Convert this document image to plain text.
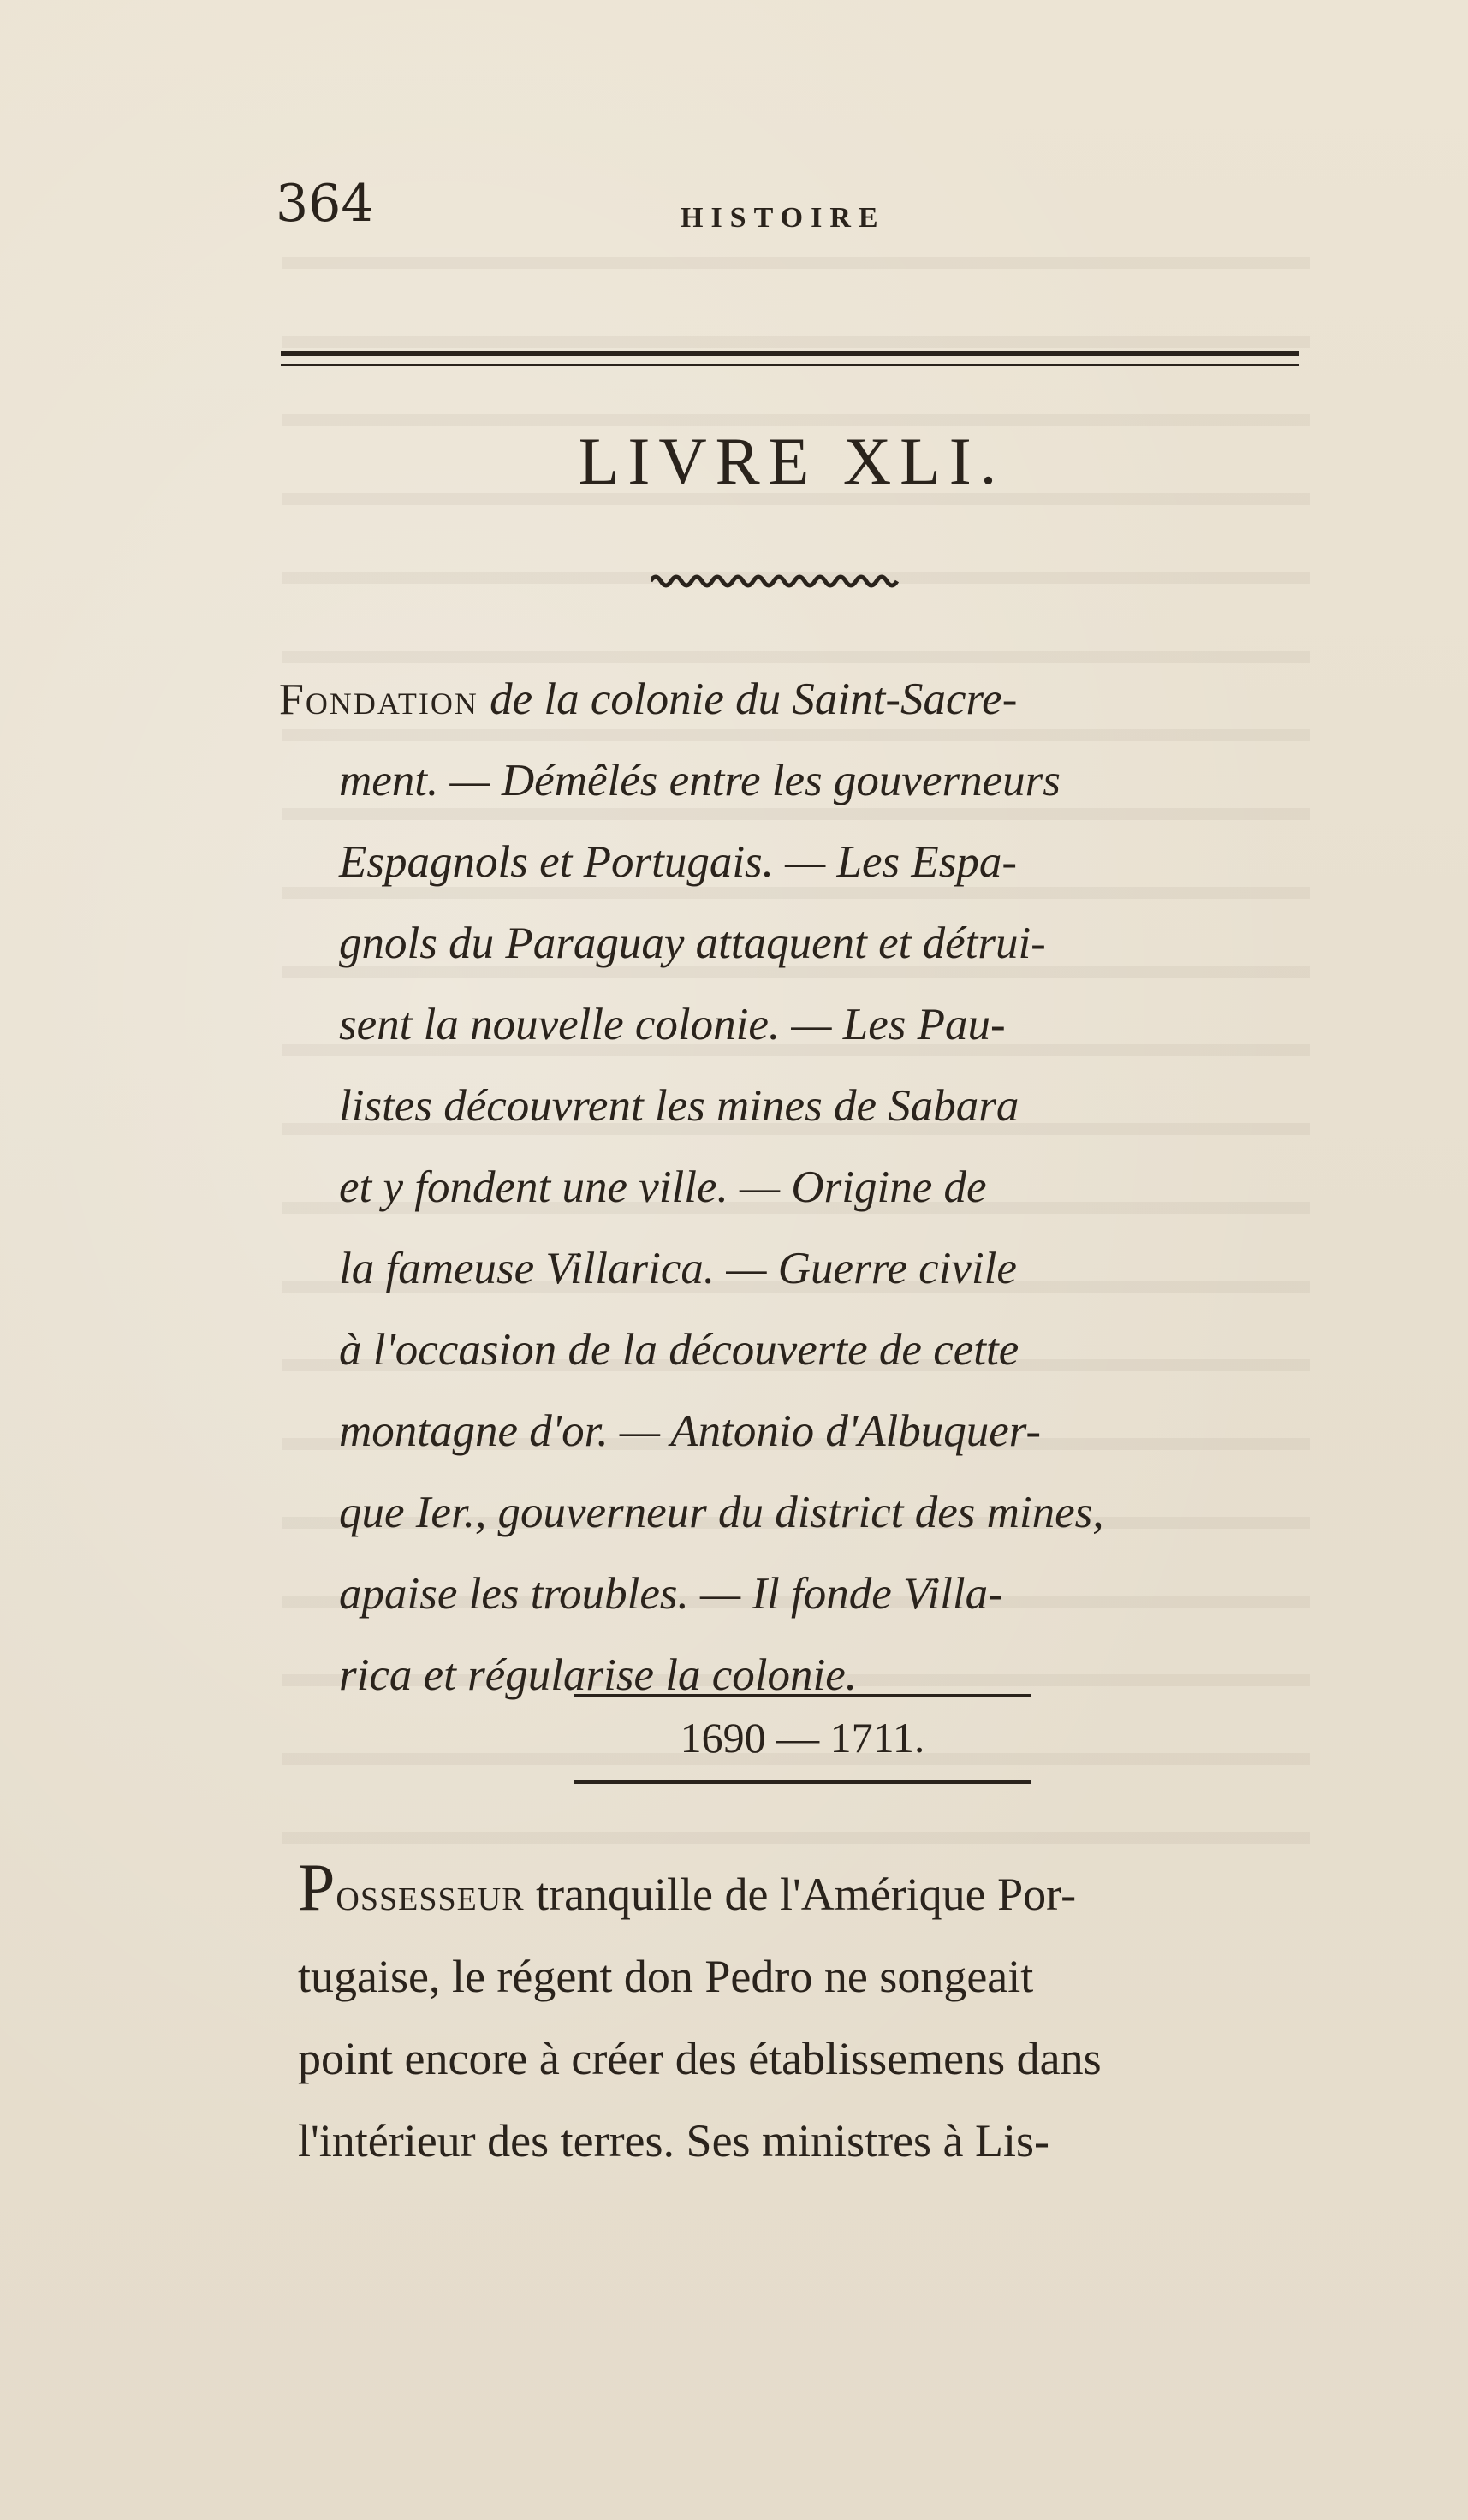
364	HISTOIRE
LIVRE XLI.
Fondation de la colonie du Saint-Sacre-
ment. — Démêlés entre les gouverneurs
Espagnols et Portugais. — Les Espa-
gnols du Paraguay attaquent et détrui-
sent la nouvelle colonie. — Les Pau-
listes découvrent les mines de Sabara
et y fondent une ville. — Origine de
la fameuse Villarica. — Guerre civile
à l'occasion de la découverte de cette
montagne d'or. — Antonio d'Albuquer-
que Ier., gouverneur du district des mines,
apaise les troubles. — Il fonde Villa-
rica et régularise la colonie.
1690 — 1711.
Possesseur tranquille de l'Amérique Por-
tugaise, le régent don Pedro ne songeait
point encore à créer des établissemens dans
l'intérieur des terres. Ses ministres à Lis-
